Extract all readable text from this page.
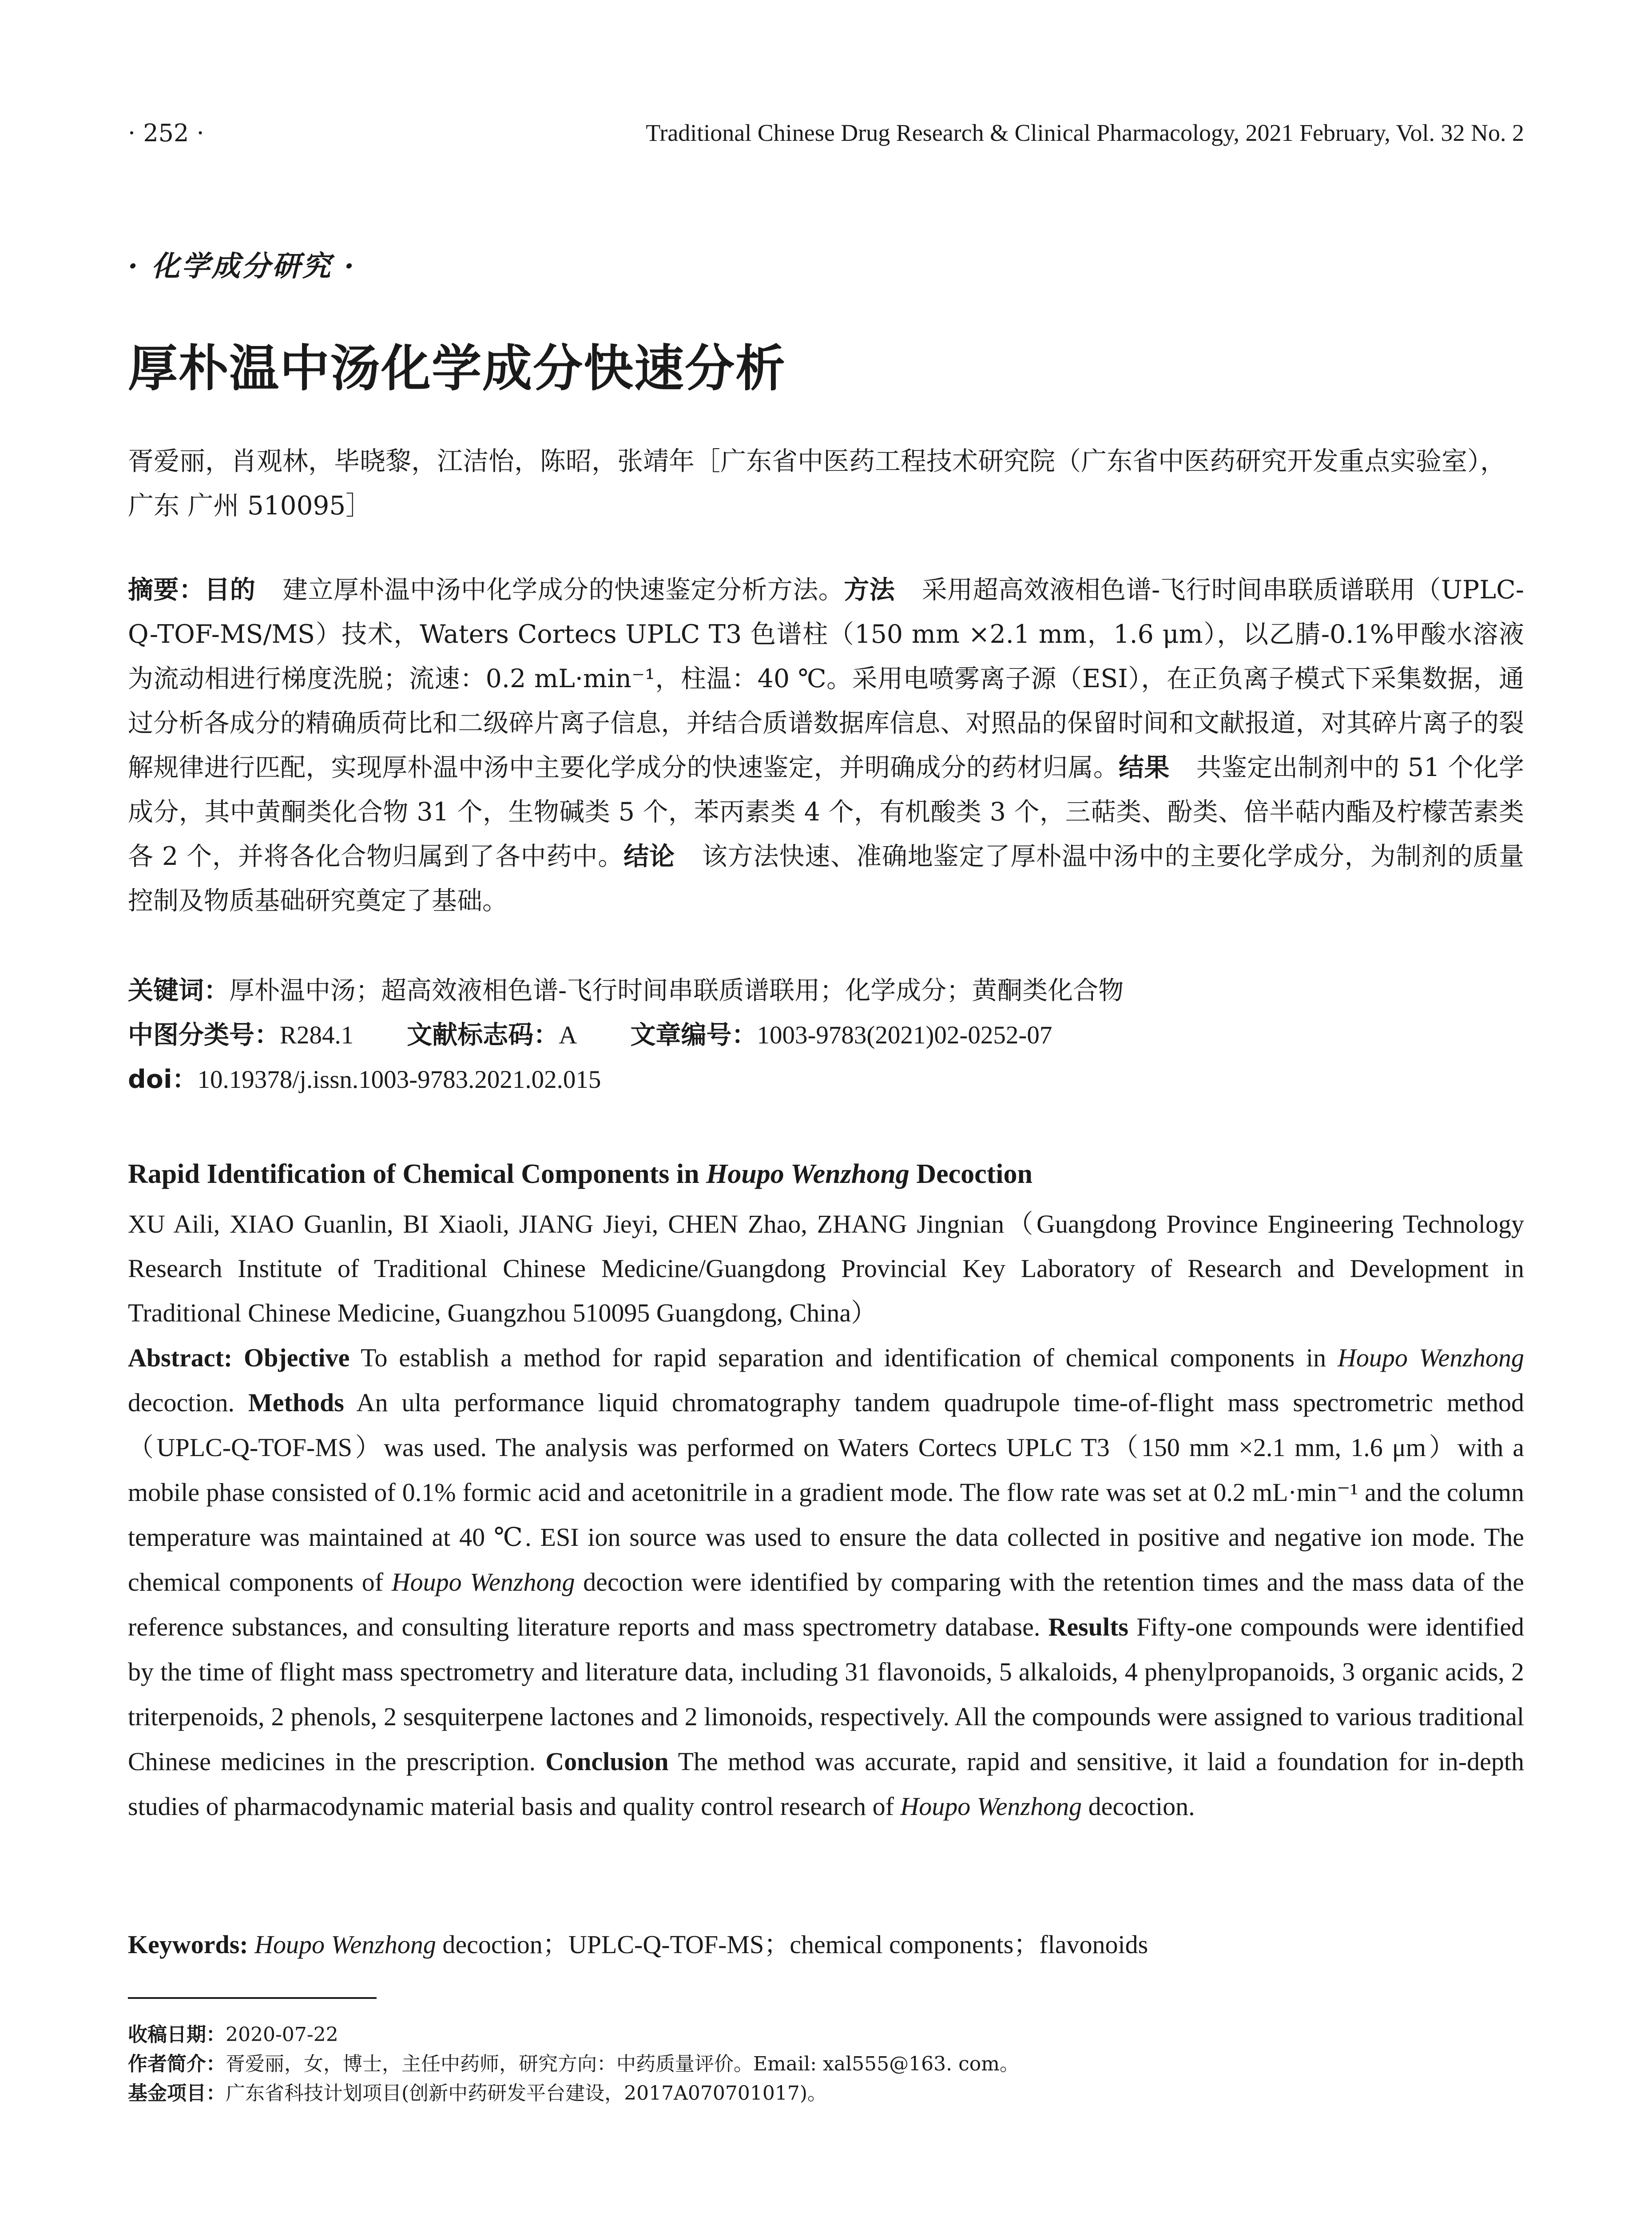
· 252 ·	Traditional Chinese Drug Research & Clinical Pharmacology, 2021 February, Vol. 32 No. 2
· 化学成分研究 ·
厚朴温中汤化学成分快速分析
胥爱丽，肖观林，毕晓黎，江洁怡，陈昭，张靖年［广东省中医药工程技术研究院（广东省中医药研究开发重点实验室），广东 广州 510095］
摘要：目的 建立厚朴温中汤中化学成分的快速鉴定分析方法。方法 采用超高效液相色谱-飞行时间串联质谱联用（UPLC-Q-TOF-MS/MS）技术，Waters Cortecs UPLC T3 色谱柱（150 mm ×2.1 mm，1.6 μm），以乙腈-0.1%甲酸水溶液为流动相进行梯度洗脱；流速：0.2 mL·min⁻¹，柱温：40 ℃。采用电喷雾离子源（ESI），在正负离子模式下采集数据，通过分析各成分的精确质荷比和二级碎片离子信息，并结合质谱数据库信息、对照品的保留时间和文献报道，对其碎片离子的裂解规律进行匹配，实现厚朴温中汤中主要化学成分的快速鉴定，并明确成分的药材归属。结果 共鉴定出制剂中的 51 个化学成分，其中黄酮类化合物 31 个，生物碱类 5 个，苯丙素类 4 个，有机酸类 3 个，三萜类、酚类、倍半萜内酯及柠檬苦素类各 2 个，并将各化合物归属到了各中药中。结论 该方法快速、准确地鉴定了厚朴温中汤中的主要化学成分，为制剂的质量控制及物质基础研究奠定了基础。
关键词：厚朴温中汤；超高效液相色谱-飞行时间串联质谱联用；化学成分；黄酮类化合物
中图分类号：R284.1 文献标志码：A 文章编号：1003-9783(2021)02-0252-07
doi：10.19378/j.issn.1003-9783.2021.02.015
Rapid Identification of Chemical Components in Houpo Wenzhong Decoction
XU Aili, XIAO Guanlin, BI Xiaoli, JIANG Jieyi, CHEN Zhao, ZHANG Jingnian（Guangdong Province Engineering Technology Research Institute of Traditional Chinese Medicine/Guangdong Provincial Key Laboratory of Research and Development in Traditional Chinese Medicine, Guangzhou 510095 Guangdong, China）
Abstract: Objective To establish a method for rapid separation and identification of chemical components in Houpo Wenzhong decoction. Methods An ulta performance liquid chromatography tandem quadrupole time-of-flight mass spectrometric method（UPLC-Q-TOF-MS）was used. The analysis was performed on Waters Cortecs UPLC T3（150 mm ×2.1 mm, 1.6 μm）with a mobile phase consisted of 0.1% formic acid and acetonitrile in a gradient mode. The flow rate was set at 0.2 mL·min⁻¹ and the column temperature was maintained at 40 ℃. ESI ion source was used to ensure the data collected in positive and negative ion mode. The chemical components of Houpo Wenzhong decoction were identified by comparing with the retention times and the mass data of the reference substances, and consulting literature reports and mass spectrometry database. Results Fifty-one compounds were identified by the time of flight mass spectrometry and literature data, including 31 flavonoids, 5 alkaloids, 4 phenylpropanoids, 3 organic acids, 2 triterpenoids, 2 phenols, 2 sesquiterpene lactones and 2 limonoids, respectively. All the compounds were assigned to various traditional Chinese medicines in the prescription. Conclusion The method was accurate, rapid and sensitive, it laid a foundation for in-depth studies of pharmacodynamic material basis and quality control research of Houpo Wenzhong decoction.
Keywords: Houpo Wenzhong decoction；UPLC-Q-TOF-MS；chemical components；flavonoids
收稿日期：2020-07-22
作者简介：胥爱丽，女，博士，主任中药师，研究方向：中药质量评价。Email: xal555@163. com。
基金项目：广东省科技计划项目(创新中药研发平台建设，2017A070701017)。
